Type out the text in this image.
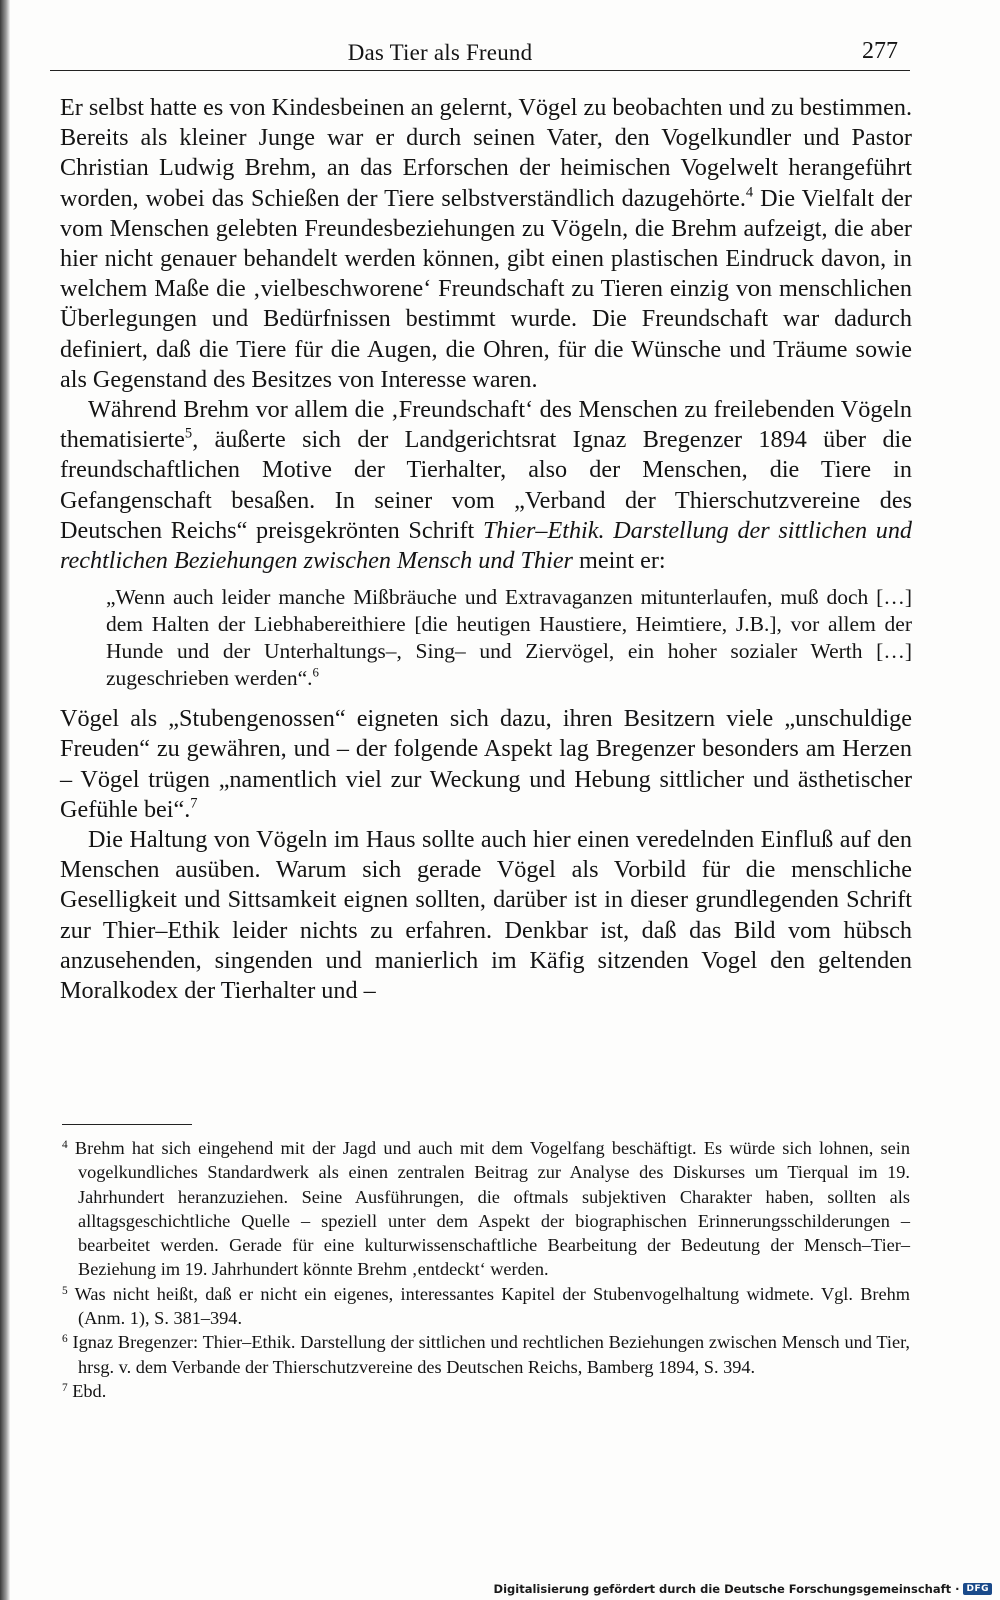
Das Tier als Freund	277

Er selbst hatte es von Kindesbeinen an gelernt, Vögel zu beobachten und zu bestimmen. Bereits als kleiner Junge war er durch seinen Vater, den Vogelkundler und Pastor Christian Ludwig Brehm, an das Erforschen der heimischen Vogelwelt herangeführt worden, wobei das Schießen der Tiere selbstverständlich dazugehörte.$^4$ Die Vielfalt der vom Menschen gelebten Freundesbeziehungen zu Vögeln, die Brehm aufzeigt, die aber hier nicht genauer behandelt werden können, gibt einen plastischen Eindruck davon, in welchem Maße die ‚vielbeschworene‘ Freundschaft zu Tieren einzig von menschlichen Überlegungen und Bedürfnissen bestimmt wurde. Die Freundschaft war dadurch definiert, daß die Tiere für die Augen, die Ohren, für die Wünsche und Träume sowie als Gegenstand des Besitzes von Interesse waren.

Während Brehm vor allem die ‚Freundschaft‘ des Menschen zu freilebenden Vögeln thematisierte$^5$, äußerte sich der Landgerichtsrat Ignaz Bregenzer 1894 über die freundschaftlichen Motive der Tierhalter, also der Menschen, die Tiere in Gefangenschaft besaßen. In seiner vom „Verband der Thierschutzvereine des Deutschen Reichs“ preisgekrönten Schrift Thier–Ethik. Darstellung der sittlichen und rechtlichen Beziehungen zwischen Mensch und Thier meint er:

„Wenn auch leider manche Mißbräuche und Extravaganzen mitunterlaufen, muß doch […] dem Halten der Liebhabereithiere [die heutigen Haustiere, Heimtiere, J.B.], vor allem der Hunde und der Unterhaltungs–, Sing– und Ziervögel, ein hoher sozialer Werth […] zugeschrieben werden“.$^6$

Vögel als „Stubengenossen“ eigneten sich dazu, ihren Besitzern viele „unschuldige Freuden“ zu gewähren, und – der folgende Aspekt lag Bregenzer besonders am Herzen – Vögel trügen „namentlich viel zur Weckung und Hebung sittlicher und ästhetischer Gefühle bei“.$^7$

Die Haltung von Vögeln im Haus sollte auch hier einen veredelnden Einfluß auf den Menschen ausüben. Warum sich gerade Vögel als Vorbild für die menschliche Geselligkeit und Sittsamkeit eignen sollten, darüber ist in dieser grundlegenden Schrift zur Thier–Ethik leider nichts zu erfahren. Denkbar ist, daß das Bild vom hübsch anzusehenden, singenden und manierlich im Käfig sitzenden Vogel den geltenden Moralkodex der Tierhalter und –

$^4$ Brehm hat sich eingehend mit der Jagd und auch mit dem Vogelfang beschäftigt. Es würde sich lohnen, sein vogelkundliches Standardwerk als einen zentralen Beitrag zur Analyse des Diskurses um Tierqual im 19. Jahrhundert heranzuziehen. Seine Ausführungen, die oftmals subjektiven Charakter haben, sollten als alltagsgeschichtliche Quelle – speziell unter dem Aspekt der biographischen Erinnerungsschilderungen – bearbeitet werden. Gerade für eine kulturwissenschaftliche Bearbeitung der Bedeutung der Mensch–Tier–Beziehung im 19. Jahrhundert könnte Brehm ‚entdeckt‘ werden.
$^5$ Was nicht heißt, daß er nicht ein eigenes, interessantes Kapitel der Stubenvogelhaltung widmete. Vgl. Brehm (Anm. 1), S. 381–394.
$^6$ Ignaz Bregenzer: Thier–Ethik. Darstellung der sittlichen und rechtlichen Beziehungen zwischen Mensch und Tier, hrsg. v. dem Verbande der Thierschutzvereine des Deutschen Reichs, Bamberg 1894, S. 394.
$^7$ Ebd.
Digitalisierung gefördert durch die Deutsche Forschungsgemeinschaft · DFG
